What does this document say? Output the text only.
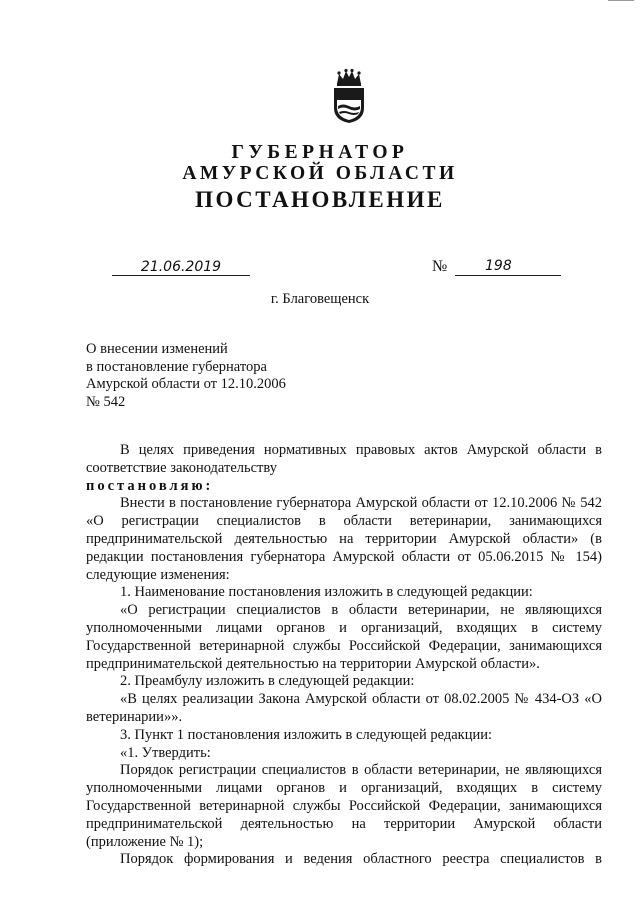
ГУБЕРНАТОР
АМУРСКОЙ ОБЛАСТИ
ПОСТАНОВЛЕНИЕ
21.06.2019	№	198
г. Благовещенск
О внесении изменений
в постановление губернатора
Амурской области от 12.10.2006
№ 542

В целях приведения нормативных правовых актов Амурской области в соответствие законодательству

постановляю:

Внести в постановление губернатора Амурской области от 12.10.2006 № 542 «О регистрации специалистов в области ветеринарии, занимающихся предпринимательской деятельностью на территории Амурской области» (в редакции постановления губернатора Амурской области от 05.06.2015 № 154) следующие изменения:

1. Наименование постановления изложить в следующей редакции:

«О регистрации специалистов в области ветеринарии, не являющихся уполномоченными лицами органов и организаций, входящих в систему Государственной ветеринарной службы Российской Федерации, занимающихся предпринимательской деятельностью на территории Амурской области».

2. Преамбулу изложить в следующей редакции:

«В целях реализации Закона Амурской области от 08.02.2005 № 434-ОЗ «О ветеринарии»».

3. Пункт 1 постановления изложить в следующей редакции:

«1. Утвердить:

Порядок регистрации специалистов в области ветеринарии, не являющихся уполномоченными лицами органов и организаций, входящих в систему Государственной ветеринарной службы Российской Федерации, занимающихся предпринимательской деятельностью на территории Амурской области (приложение № 1);

Порядок формирования и ведения областного реестра специалистов в
